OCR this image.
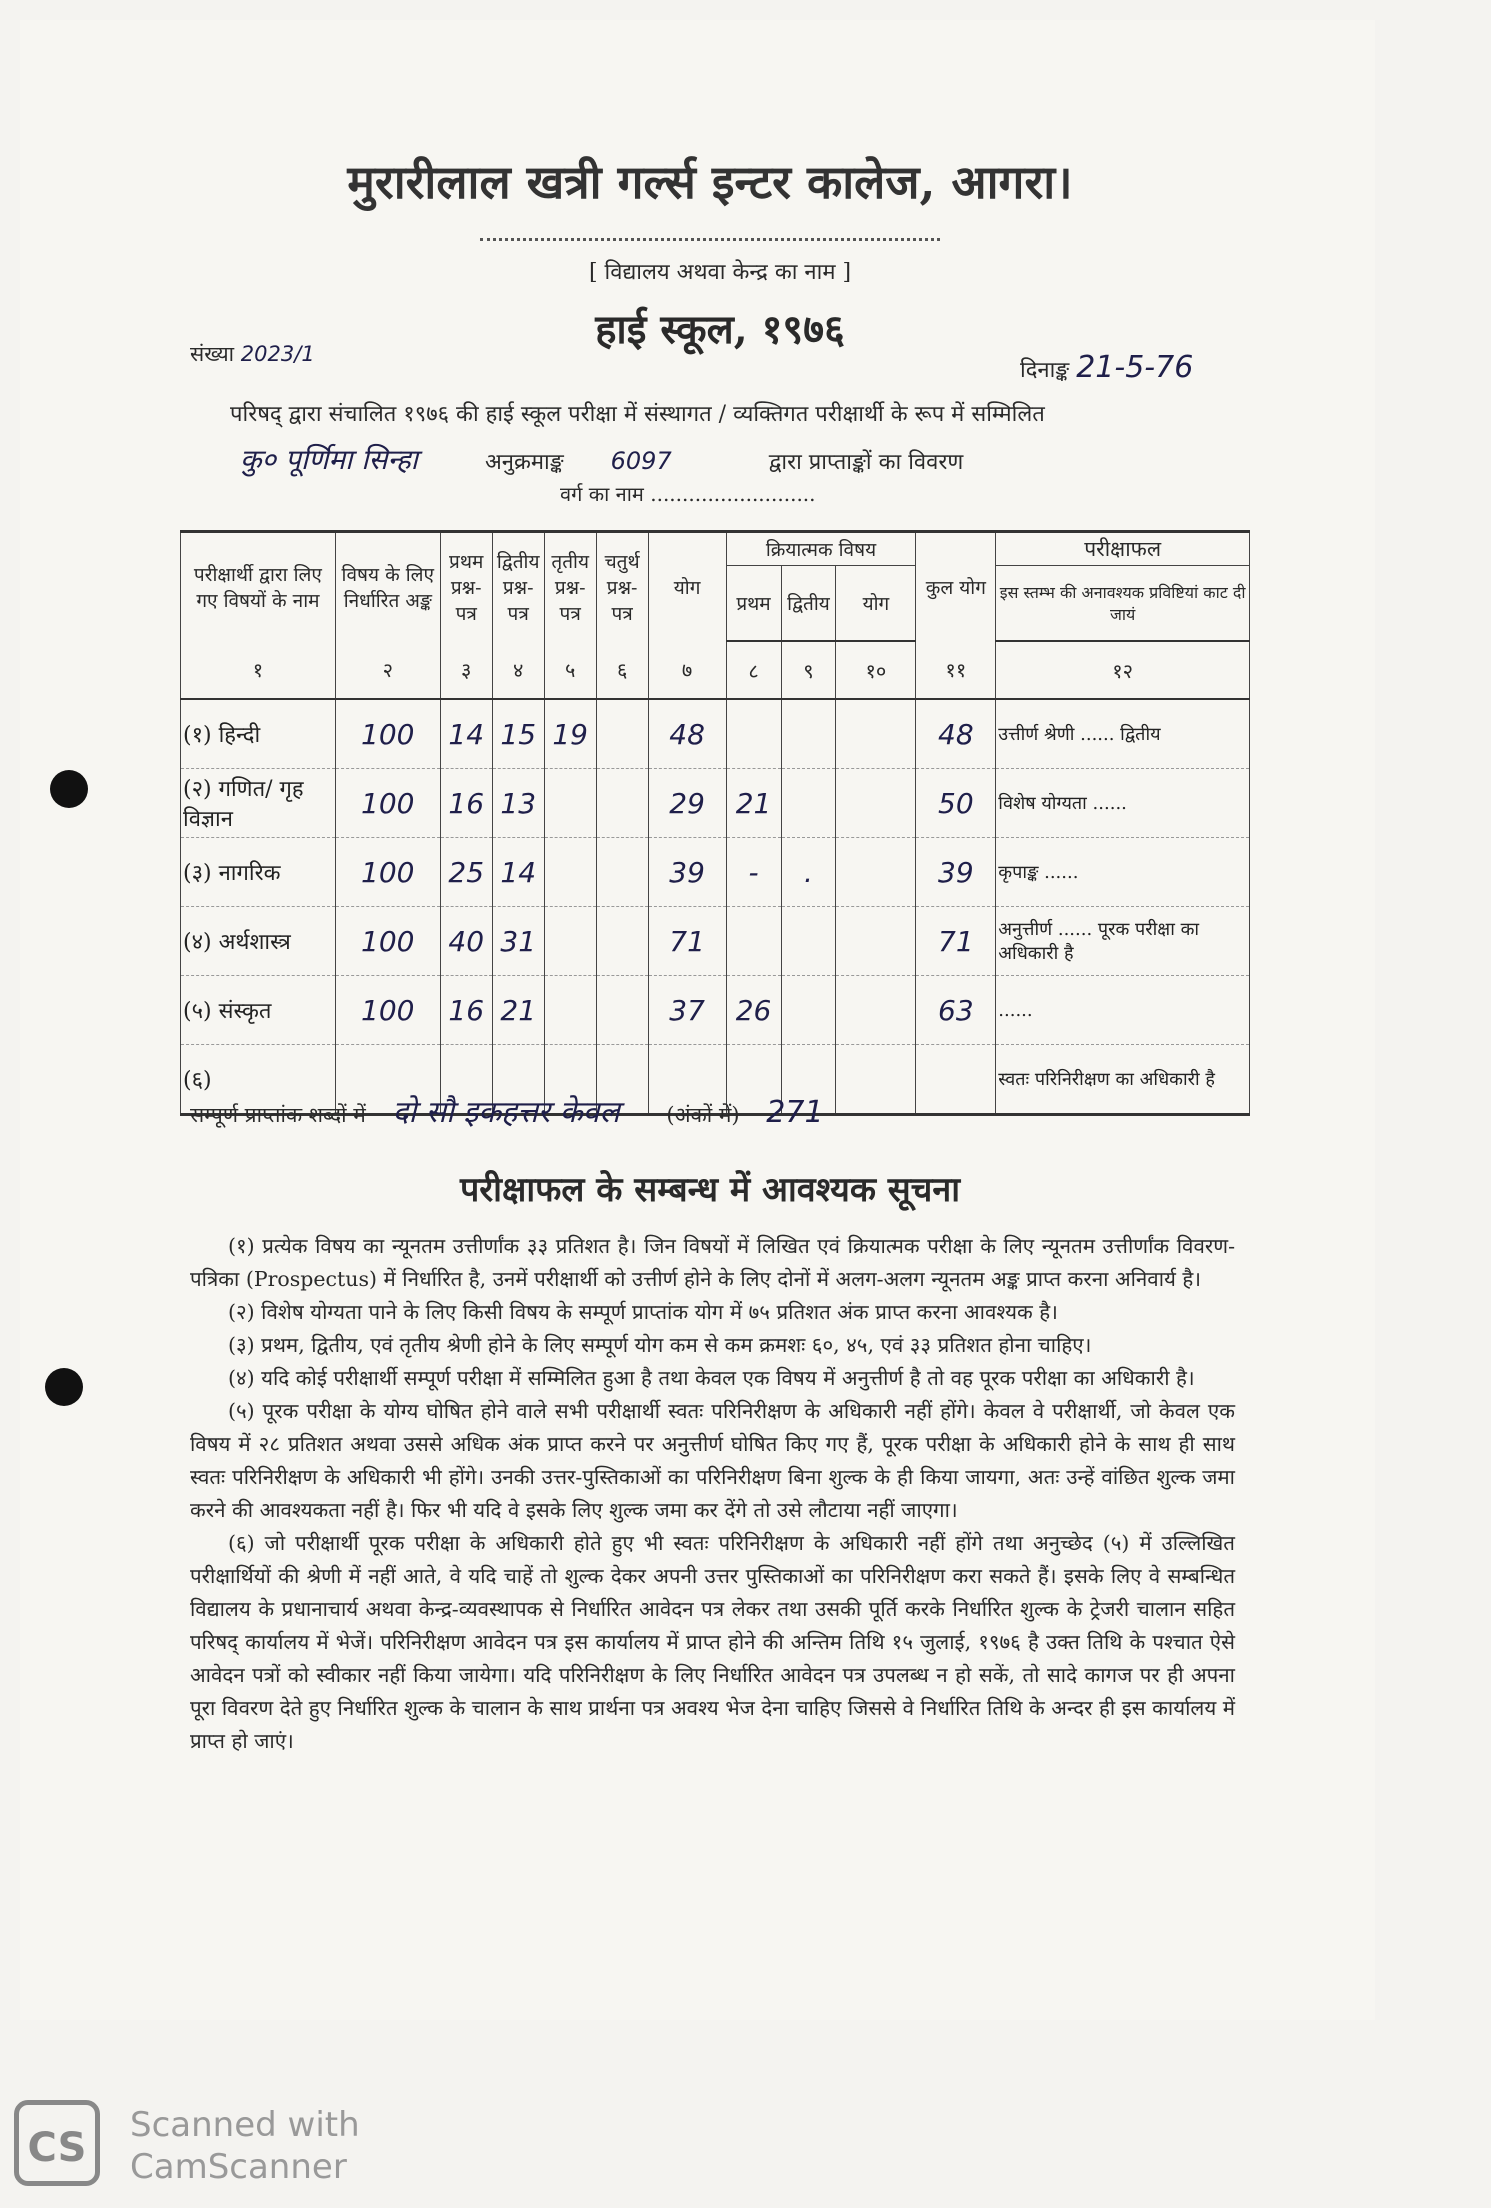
मुरारीलाल खत्री गर्ल्स इन्टर कालेज, आगरा।
[ विद्यालय अथवा केन्द्र का नाम ]
हाई स्कूल, १९७६
संख्या 2023/1
दिनाङ्क 21-5-76
परिषद् द्वारा संचालित १९७६ की हाई स्कूल परीक्षा में संस्थागत / व्यक्तिगत परीक्षार्थी के रूप में सम्मिलित
कु० पूर्णिमा सिन्हा	अनुक्रमाङ्क 6097	द्वारा प्राप्ताङ्कों का विवरण
वर्ग का नाम ..........................
परीक्षार्थी द्वारा लिए गए विषयों के नाम	विषय के लिए निर्धारित अङ्क	प्रथम प्रश्न-पत्र	द्वितीय प्रश्न-पत्र	तृतीय प्रश्न-पत्र	चतुर्थ प्रश्न-पत्र	योग	क्रियात्मक विषय			कुल योग	परीक्षाफल
							प्रथम	द्वितीय	योग		इस स्तम्भ की अनावश्यक प्रविष्टियां काट दी जायं
१	२	३	४	५	६	७	८	९	१०	११	१२
(१) हिन्दी	100	14	15	19		48				48	उत्तीर्ण श्रेणी ...... द्वितीय
(२) गणित/ गृह विज्ञान	100	16	13			29	21			50	विशेष योग्यता ......
(३) नागरिक	100	25	14			39	-	.		39	कृपाङ्क ......
(४) अर्थशास्त्र	100	40	31			71				71	अनुत्तीर्ण ...... पूरक परीक्षा का अधिकारी है
(५) संस्कृत	100	16	21			37	26			63	......
(६)											स्वतः परिनिरीक्षण का अधिकारी है
सम्पूर्ण प्राप्तांक शब्दों में दो सौ इकहत्तर केवल (अंकों में) 271
परीक्षाफल के सम्बन्ध में आवश्यक सूचना

(१) प्रत्येक विषय का न्यूनतम उत्तीर्णांक ३३ प्रतिशत है। जिन विषयों में लिखित एवं क्रियात्मक परीक्षा के लिए न्यूनतम उत्तीर्णांक विवरण-पत्रिका (Prospectus) में निर्धारित है, उनमें परीक्षार्थी को उत्तीर्ण होने के लिए दोनों में अलग-अलग न्यूनतम अङ्क प्राप्त करना अनिवार्य है।

(२) विशेष योग्यता पाने के लिए किसी विषय के सम्पूर्ण प्राप्तांक योग में ७५ प्रतिशत अंक प्राप्त करना आवश्यक है।

(३) प्रथम, द्वितीय, एवं तृतीय श्रेणी होने के लिए सम्पूर्ण योग कम से कम क्रमशः ६०, ४५, एवं ३३ प्रतिशत होना चाहिए।

(४) यदि कोई परीक्षार्थी सम्पूर्ण परीक्षा में सम्मिलित हुआ है तथा केवल एक विषय में अनुत्तीर्ण है तो वह पूरक परीक्षा का अधिकारी है।

(५) पूरक परीक्षा के योग्य घोषित होने वाले सभी परीक्षार्थी स्वतः परिनिरीक्षण के अधिकारी नहीं होंगे। केवल वे परीक्षार्थी, जो केवल एक विषय में २८ प्रतिशत अथवा उससे अधिक अंक प्राप्त करने पर अनुत्तीर्ण घोषित किए गए हैं, पूरक परीक्षा के अधिकारी होने के साथ ही साथ स्वतः परिनिरीक्षण के अधिकारी भी होंगे। उनकी उत्तर-पुस्तिकाओं का परिनिरीक्षण बिना शुल्क के ही किया जायगा, अतः उन्हें वांछित शुल्क जमा करने की आवश्यकता नहीं है। फिर भी यदि वे इसके लिए शुल्क जमा कर देंगे तो उसे लौटाया नहीं जाएगा।

(६) जो परीक्षार्थी पूरक परीक्षा के अधिकारी होते हुए भी स्वतः परिनिरीक्षण के अधिकारी नहीं होंगे तथा अनुच्छेद (५) में उल्लिखित परीक्षार्थियों की श्रेणी में नहीं आते, वे यदि चाहें तो शुल्क देकर अपनी उत्तर पुस्तिकाओं का परिनिरीक्षण करा सकते हैं। इसके लिए वे सम्बन्धित विद्यालय के प्रधानाचार्य अथवा केन्द्र-व्यवस्थापक से निर्धारित आवेदन पत्र लेकर तथा उसकी पूर्ति करके निर्धारित शुल्क के ट्रेजरी चालान सहित परिषद् कार्यालय में भेजें। परिनिरीक्षण आवेदन पत्र इस कार्यालय में प्राप्त होने की अन्तिम तिथि १५ जुलाई, १९७६ है उक्त तिथि के पश्चात ऐसे आवेदन पत्रों को स्वीकार नहीं किया जायेगा। यदि परिनिरीक्षण के लिए निर्धारित आवेदन पत्र उपलब्ध न हो सकें, तो सादे कागज पर ही अपना पूरा विवरण देते हुए निर्धारित शुल्क के चालान के साथ प्रार्थना पत्र अवश्य भेज देना चाहिए जिससे वे निर्धारित तिथि के अन्दर ही इस कार्यालय में प्राप्त हो जाएं।

CS	Scanned with
CamScanner
